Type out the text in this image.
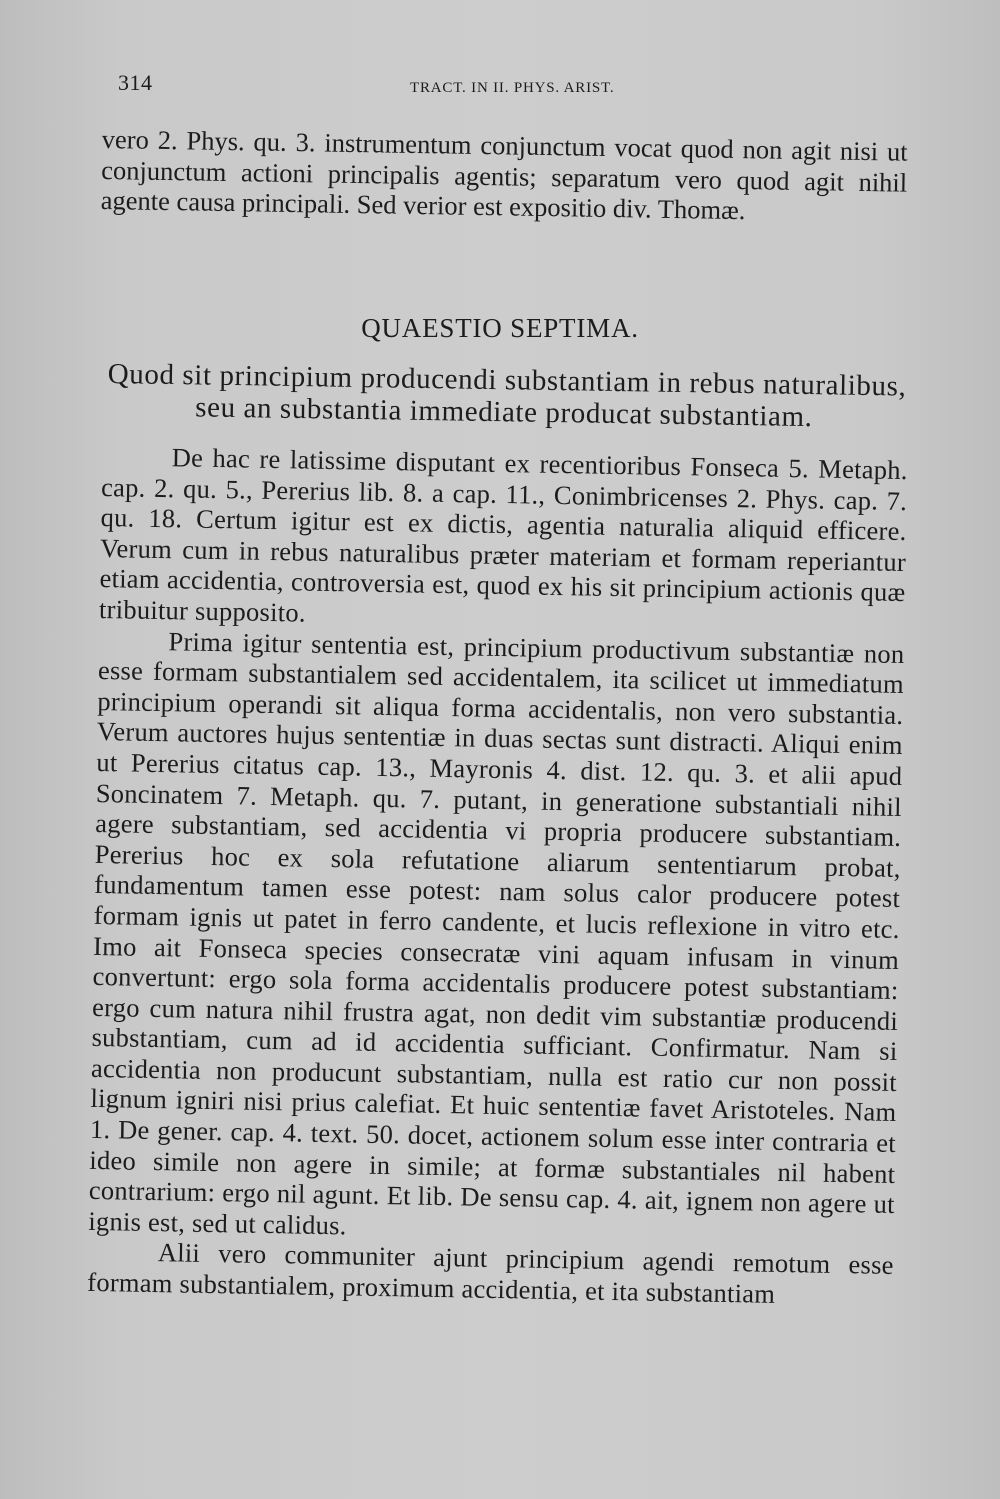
314	TRACT. IN II. PHYS. ARIST.

vero 2. Phys. qu. 3. instrumentum conjunctum vocat quod non agit nisi ut conjunctum actioni principalis agentis; separatum vero quod agit nihil agente causa principali. Sed verior est expositio div. Thomæ.

QUAESTIO SEPTIMA.
Quod sit principium producendi substantiam in rebus naturalibus,
seu an substantia immediate producat substantiam.

De hac re latissime disputant ex recentioribus Fonseca 5. Metaph. cap. 2. qu. 5., Pererius lib. 8. a cap. 11., Conimbricenses 2. Phys. cap. 7. qu. 18. Certum igitur est ex dictis, agentia naturalia aliquid efficere. Verum cum in rebus naturalibus præter materiam et formam reperiantur etiam accidentia, controversia est, quod ex his sit principium actionis quæ tribuitur supposito.

Prima igitur sententia est, principium productivum substantiæ non esse formam substantialem sed accidentalem, ita scilicet ut immediatum principium operandi sit aliqua forma accidentalis, non vero substantia. Verum auctores hujus sententiæ in duas sectas sunt distracti. Aliqui enim ut Pererius citatus cap. 13., Mayronis 4. dist. 12. qu. 3. et alii apud Soncinatem 7. Metaph. qu. 7. putant, in generatione substantiali nihil agere substantiam, sed accidentia vi propria producere substantiam. Pererius hoc ex sola refutatione aliarum sententiarum probat, fundamentum tamen esse potest: nam solus calor producere potest formam ignis ut patet in ferro candente, et lucis reflexione in vitro etc. Imo ait Fonseca species consecratæ vini aquam infusam in vinum convertunt: ergo sola forma accidentalis producere potest substantiam: ergo cum natura nihil frustra agat, non dedit vim substantiæ producendi substantiam, cum ad id accidentia sufficiant. Confirmatur. Nam si accidentia non producunt substantiam, nulla est ratio cur non possit lignum igniri nisi prius calefiat. Et huic sententiæ favet Aristoteles. Nam 1. De gener. cap. 4. text. 50. docet, actionem solum esse inter contraria et ideo simile non agere in simile; at formæ substantiales nil habent contrarium: ergo nil agunt. Et lib. De sensu cap. 4. ait, ignem non agere ut ignis est, sed ut calidus.

Alii vero communiter ajunt principium agendi remotum esse formam substantialem, proximum accidentia, et ita substantiam
